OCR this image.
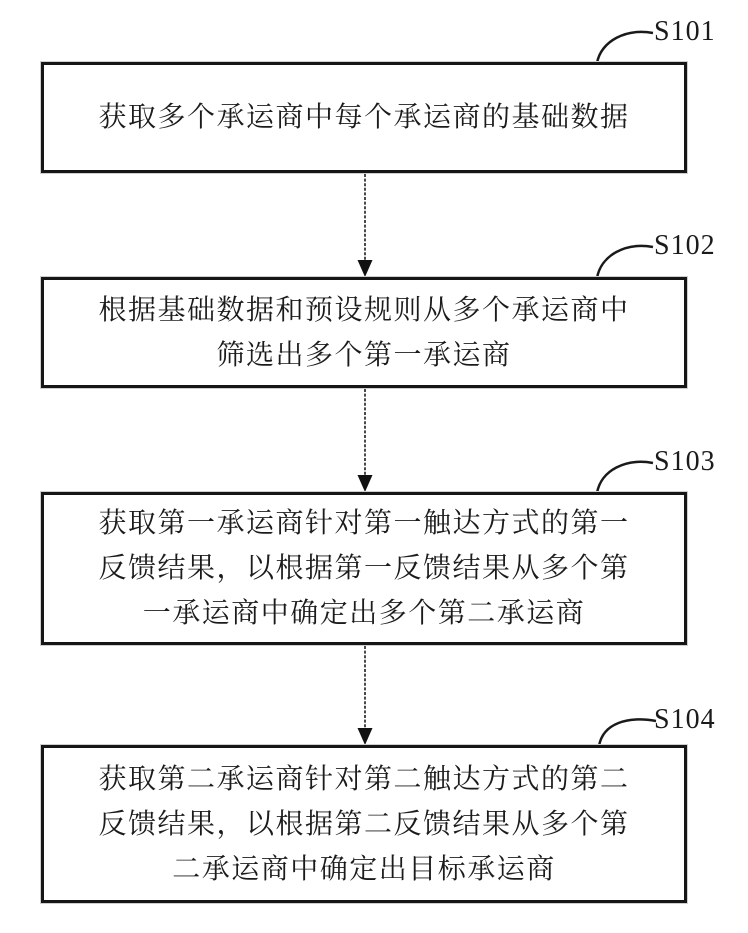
获取多个承运商中每个承运商的基础数据
根据基础数据和预设规则从多个承运商中
筛选出多个第一承运商
获取第一承运商针对第一触达方式的第一
反馈结果，以根据第一反馈结果从多个第
一承运商中确定出多个第二承运商
获取第二承运商针对第二触达方式的第二
反馈结果，以根据第二反馈结果从多个第
二承运商中确定出目标承运商
S101
S102
S103
S104
